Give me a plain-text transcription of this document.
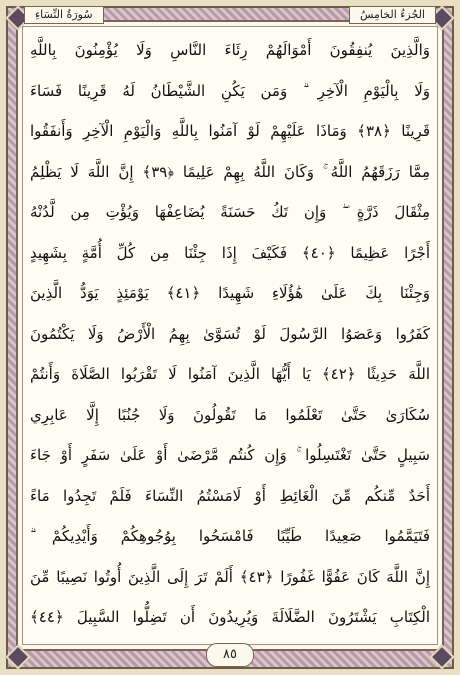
الجُزءُ الخامِسُ
سُورَةُ النِّسَاءِ
وَالَّذِينَ يُنفِقُونَ أَمْوَالَهُمْ رِئَاءَ النَّاسِ وَلَا يُؤْمِنُونَ بِاللَّهِ
وَلَا بِالْيَوْمِ الْآخِرِ ۗ وَمَن يَكُنِ الشَّيْطَانُ لَهُ قَرِينًا فَسَاءَ
قَرِينًا ﴿٣٨﴾ وَمَاذَا عَلَيْهِمْ لَوْ آمَنُوا بِاللَّهِ وَالْيَوْمِ الْآخِرِ وَأَنفَقُوا
مِمَّا رَزَقَهُمُ اللَّهُ ۚ وَكَانَ اللَّهُ بِهِمْ عَلِيمًا ﴿٣٩﴾ إِنَّ اللَّهَ لَا يَظْلِمُ
مِثْقَالَ ذَرَّةٍ ۖ وَإِن تَكُ حَسَنَةً يُضَاعِفْهَا وَيُؤْتِ مِن لَّدُنْهُ
أَجْرًا عَظِيمًا ﴿٤٠﴾ فَكَيْفَ إِذَا جِئْنَا مِن كُلِّ أُمَّةٍ بِشَهِيدٍ
وَجِئْنَا بِكَ عَلَىٰ هَٰؤُلَاءِ شَهِيدًا ﴿٤١﴾ يَوْمَئِذٍ يَوَدُّ الَّذِينَ
كَفَرُوا وَعَصَوُا الرَّسُولَ لَوْ تُسَوَّىٰ بِهِمُ الْأَرْضُ وَلَا يَكْتُمُونَ
اللَّهَ حَدِيثًا ﴿٤٢﴾ يَا أَيُّهَا الَّذِينَ آمَنُوا لَا تَقْرَبُوا الصَّلَاةَ وَأَنتُمْ
سُكَارَىٰ حَتَّىٰ تَعْلَمُوا مَا تَقُولُونَ وَلَا جُنُبًا إِلَّا عَابِرِي
سَبِيلٍ حَتَّىٰ تَغْتَسِلُوا ۚ وَإِن كُنتُم مَّرْضَىٰ أَوْ عَلَىٰ سَفَرٍ أَوْ جَاءَ
أَحَدٌ مِّنكُم مِّنَ الْغَائِطِ أَوْ لَامَسْتُمُ النِّسَاءَ فَلَمْ تَجِدُوا مَاءً
فَتَيَمَّمُوا صَعِيدًا طَيِّبًا فَامْسَحُوا بِوُجُوهِكُمْ وَأَيْدِيكُمْ ۗ
إِنَّ اللَّهَ كَانَ عَفُوًّا غَفُورًا ﴿٤٣﴾ أَلَمْ تَرَ إِلَى الَّذِينَ أُوتُوا نَصِيبًا مِّنَ
الْكِتَابِ يَشْتَرُونَ الضَّلَالَةَ وَيُرِيدُونَ أَن تَضِلُّوا السَّبِيلَ ﴿٤٤﴾
٨٥
